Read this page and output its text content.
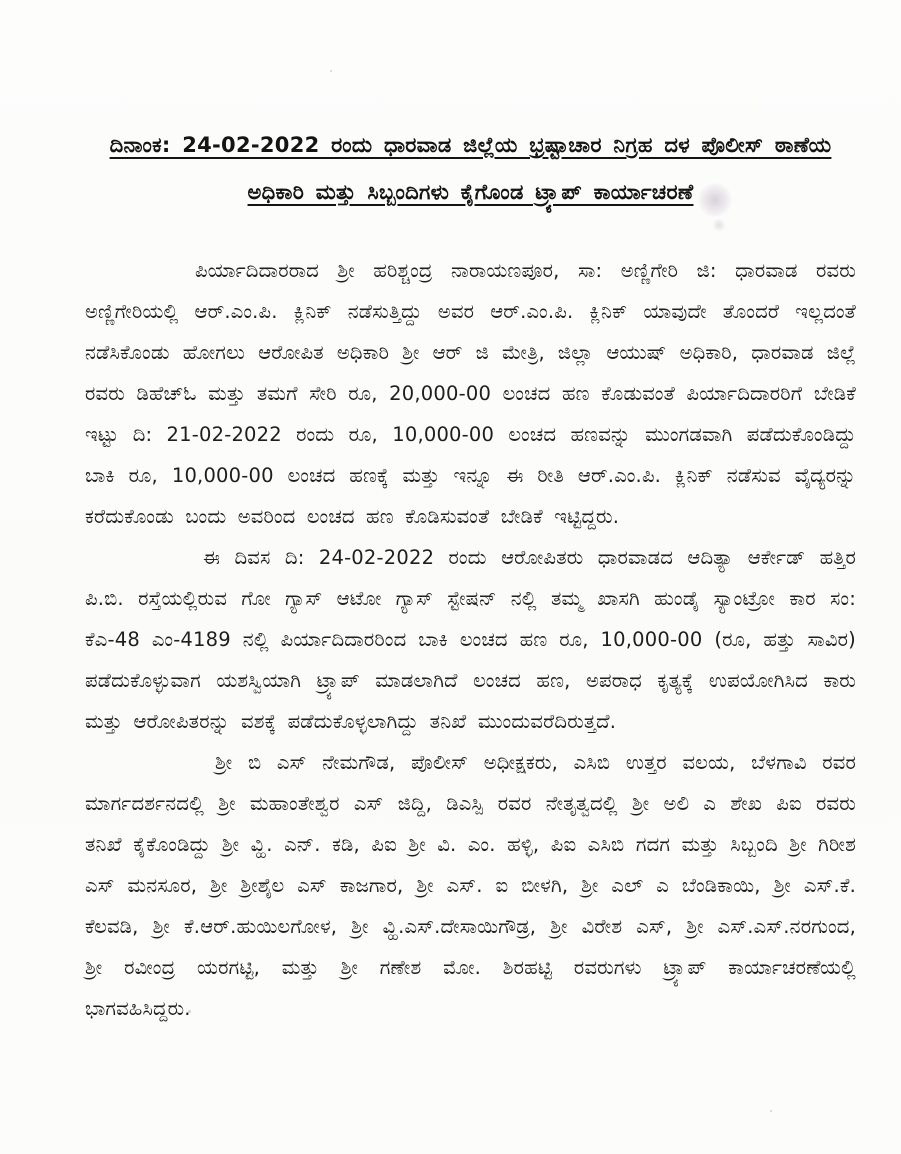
ದಿನಾಂಕ: 24-02-2022 ರಂದು ಧಾರವಾಡ ಜಿಲ್ಲೆಯ ಭ್ರಷ್ಟಾಚಾರ ನಿಗ್ರಹ ದಳ ಪೊಲೀಸ್ ಠಾಣೆಯ
ಅಧಿಕಾರಿ ಮತ್ತು ಸಿಬ್ಬಂದಿಗಳು ಕೈಗೊಂಡ ಟ್ರ್ಯಾಪ್ ಕಾರ್ಯಾಚರಣೆ

ಪಿರ್ಯಾದಿದಾರರಾದ ಶ್ರೀ ಹರಿಶ್ಚಂದ್ರ ನಾರಾಯಣಪೂರ, ಸಾ: ಅಣ್ಣಿಗೇರಿ ಜಿ: ಧಾರವಾಡ ರವರು ಅಣ್ಣಿಗೇರಿಯಲ್ಲಿ ಆರ್.ಎಂ.ಪಿ. ಕ್ಲಿನಿಕ್ ನಡೆಸುತ್ತಿದ್ದು ಅವರ ಆರ್.ಎಂ.ಪಿ. ಕ್ಲಿನಿಕ್ ಯಾವುದೇ ತೊಂದರೆ ಇಲ್ಲದಂತೆ ನಡೆಸಿಕೊಂಡು ಹೋಗಲು ಆರೋಪಿತ ಅಧಿಕಾರಿ ಶ್ರೀ ಆರ್ ಜಿ ಮೇತ್ರಿ, ಜಿಲ್ಲಾ ಆಯುಷ್ ಅಧಿಕಾರಿ, ಧಾರವಾಡ ಜಿಲ್ಲೆ ರವರು ಡಿಹೆಚ್ಓ ಮತ್ತು ತಮಗೆ ಸೇರಿ ರೂ, 20,000-00 ಲಂಚದ ಹಣ ಕೊಡುವಂತೆ ಪಿರ್ಯಾದಿದಾರರಿಗೆ ಬೇಡಿಕೆ ಇಟ್ಟು ದಿ: 21-02-2022 ರಂದು ರೂ, 10,000-00 ಲಂಚದ ಹಣವನ್ನು ಮುಂಗಡವಾಗಿ ಪಡೆದುಕೊಂಡಿದ್ದು ಬಾಕಿ ರೂ, 10,000-00 ಲಂಚದ ಹಣಕ್ಕೆ ಮತ್ತು ಇನ್ನೂ ಈ ರೀತಿ ಆರ್.ಎಂ.ಪಿ. ಕ್ಲಿನಿಕ್ ನಡೆಸುವ ವೈದ್ಯರನ್ನು ಕರೆದುಕೊಂಡು ಬಂದು ಅವರಿಂದ ಲಂಚದ ಹಣ ಕೊಡಿಸುವಂತೆ ಬೇಡಿಕೆ ಇಟ್ಟಿದ್ದರು.

ಈ ದಿವಸ ದಿ: 24-02-2022 ರಂದು ಆರೋಪಿತರು ಧಾರವಾಡದ ಆದಿತ್ಯಾ ಆರ್ಕೇಡ್ ಹತ್ತಿರ ಪಿ.ಬಿ. ರಸ್ತೆಯಲ್ಲಿರುವ ಗೋ ಗ್ಯಾಸ್ ಆಟೋ ಗ್ಯಾಸ್ ಸ್ಟೇಷನ್ ನಲ್ಲಿ ತಮ್ಮ ಖಾಸಗಿ ಹುಂಡೈ ಸ್ಯಾಂಟ್ರೋ ಕಾರ ಸಂ: ಕೆಎ-48 ಎಂ-4189 ನಲ್ಲಿ ಪಿರ್ಯಾದಿದಾರರಿಂದ ಬಾಕಿ ಲಂಚದ ಹಣ ರೂ, 10,000-00 (ರೂ, ಹತ್ತು ಸಾವಿರ) ಪಡೆದುಕೊಳ್ಳುವಾಗ ಯಶಸ್ವಿಯಾಗಿ ಟ್ರ್ಯಾಪ್ ಮಾಡಲಾಗಿದೆ ಲಂಚದ ಹಣ, ಅಪರಾಧ ಕೃತ್ಯಕ್ಕೆ ಉಪಯೋಗಿಸಿದ ಕಾರು ಮತ್ತು ಆರೋಪಿತರನ್ನು ವಶಕ್ಕೆ ಪಡೆದುಕೊಳ್ಳಲಾಗಿದ್ದು ತನಿಖೆ ಮುಂದುವರೆದಿರುತ್ತದೆ.

ಶ್ರೀ ಬಿ ಎಸ್ ನೇಮಗೌಡ, ಪೊಲೀಸ್ ಅಧೀಕ್ಷಕರು, ಎಸಿಬಿ ಉತ್ತರ ವಲಯ, ಬೆಳಗಾವಿ ರವರ ಮಾರ್ಗದರ್ಶನದಲ್ಲಿ ಶ್ರೀ ಮಹಾಂತೇಶ್ವರ ಎಸ್ ಜಿದ್ದಿ, ಡಿಎಸ್ಪಿ ರವರ ನೇತೃತ್ವದಲ್ಲಿ ಶ್ರೀ ಅಲಿ ಎ ಶೇಖ ಪಿಐ ರವರು ತನಿಖೆ ಕೈಕೊಂಡಿದ್ದು ಶ್ರೀ ವ್ಹಿ. ಎನ್. ಕಡಿ, ಪಿಐ ಶ್ರೀ ವಿ. ಎಂ. ಹಳ್ಳಿ, ಪಿಐ ಎಸಿಬಿ ಗದಗ ಮತ್ತು ಸಿಬ್ಬಂದಿ ಶ್ರೀ ಗಿರೀಶ ಎಸ್ ಮನಸೂರ, ಶ್ರೀ ಶ್ರೀಶೈಲ ಎಸ್ ಕಾಜಗಾರ, ಶ್ರೀ ಎಸ್. ಐ ಬೀಳಗಿ, ಶ್ರೀ ಎಲ್ ಎ ಬೆಂಡಿಕಾಯಿ, ಶ್ರೀ ಎಸ್.ಕೆ. ಕೆಲವಡಿ, ಶ್ರೀ ಕೆ.ಆರ್.ಹುಯಿಲಗೋಳ, ಶ್ರೀ ವ್ಹಿ.ಎಸ್.ದೇಸಾಯಿಗೌಡ್ರ, ಶ್ರೀ ವಿರೇಶ ಎಸ್, ಶ್ರೀ ಎಸ್.ಎಸ್.ನರಗುಂದ, ಶ್ರೀ ರವೀಂದ್ರ ಯರಗಟ್ಟಿ, ಮತ್ತು ಶ್ರೀ ಗಣೇಶ ಮೋ. ಶಿರಹಟ್ಟಿ ರವರುಗಳು ಟ್ರ್ಯಾಪ್ ಕಾರ್ಯಾಚರಣೆಯಲ್ಲಿ ಭಾಗವಹಿಸಿದ್ದರು.
